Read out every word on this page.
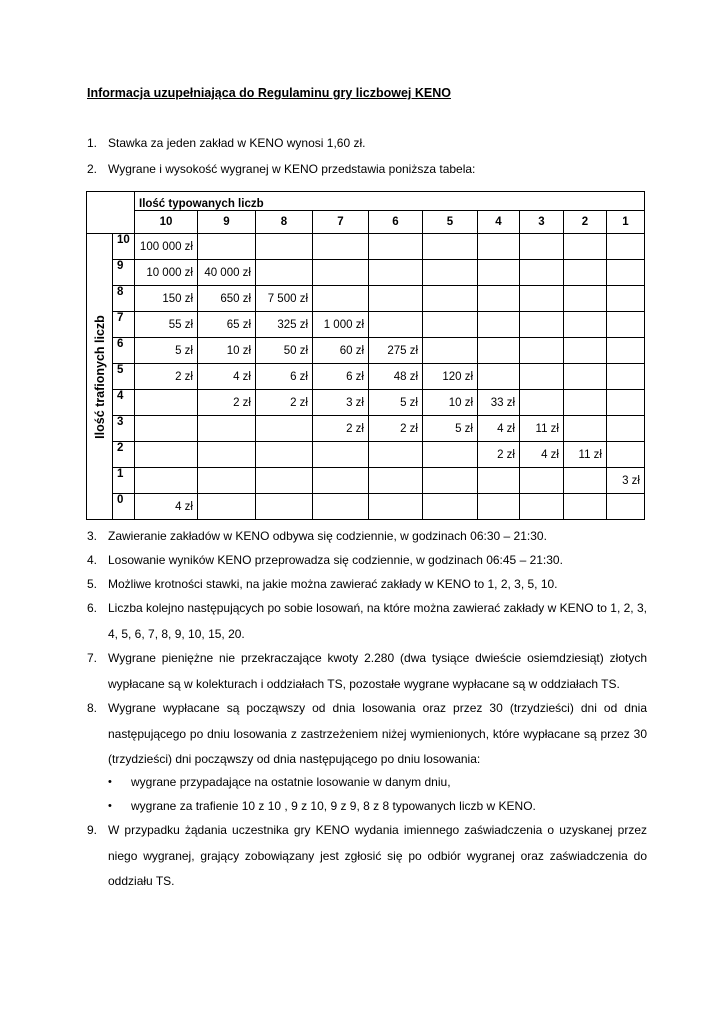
Informacja uzupełniająca do Regulaminu gry liczbowej KENO
1. Stawka za jeden zakład w KENO wynosi 1,60 zł.
2. Wygrane i wysokość wygranej w KENO przedstawia poniższa tabela:
		Ilość typowanych liczb									
		10	9	8	7	6	5	4	3	2	1

Ilość trafionych liczb	10	100 000 zł									
	9	10 000 zł	40 000 zł								
	8	150 zł	650 zł	7 500 zł							
	7	55 zł	65 zł	325 zł	1 000 zł						
	6	5 zł	10 zł	50 zł	60 zł	275 zł					
	5	2 zł	4 zł	6 zł	6 zł	48 zł	120 zł				
	4		2 zł	2 zł	3 zł	5 zł	10 zł	33 zł			
	3				2 zł	2 zł	5 zł	4 zł	11 zł		
	2							2 zł	4 zł	11 zł	
	1										3 zł
	0	4 zł									
3. Zawieranie zakładów w KENO odbywa się codziennie, w godzinach 06:30 – 21:30.
4. Losowanie wyników KENO przeprowadza się codziennie, w godzinach 06:45 – 21:30.
5. Możliwe krotności stawki, na jakie można zawierać zakłady w KENO to 1, 2, 3, 5, 10.
6. Liczba kolejno następujących po sobie losowań, na które można zawierać zakłady w KENO to 1, 2, 3, 4, 5, 6, 7, 8, 9, 10, 15, 20.
7. Wygrane pieniężne nie przekraczające kwoty 2.280 (dwa tysiące dwieście osiemdziesiąt) złotych wypłacane są w kolekturach i oddziałach TS, pozostałe wygrane wypłacane są w oddziałach TS.
8. Wygrane wypłacane są począwszy od dnia losowania oraz przez 30 (trzydzieści) dni od dnia następującego po dniu losowania z zastrzeżeniem niżej wymienionych, które wypłacane są przez 30 (trzydzieści) dni począwszy od dnia następującego po dniu losowania:
• wygrane przypadające na ostatnie losowanie w danym dniu,
• wygrane za trafienie 10 z 10 , 9 z 10, 9 z 9, 8 z 8 typowanych liczb w KENO.
9. W przypadku żądania uczestnika gry KENO wydania imiennego zaświadczenia o uzyskanej przez niego wygranej, grający zobowiązany jest zgłosić się po odbiór wygranej oraz zaświadczenia do oddziału TS.
